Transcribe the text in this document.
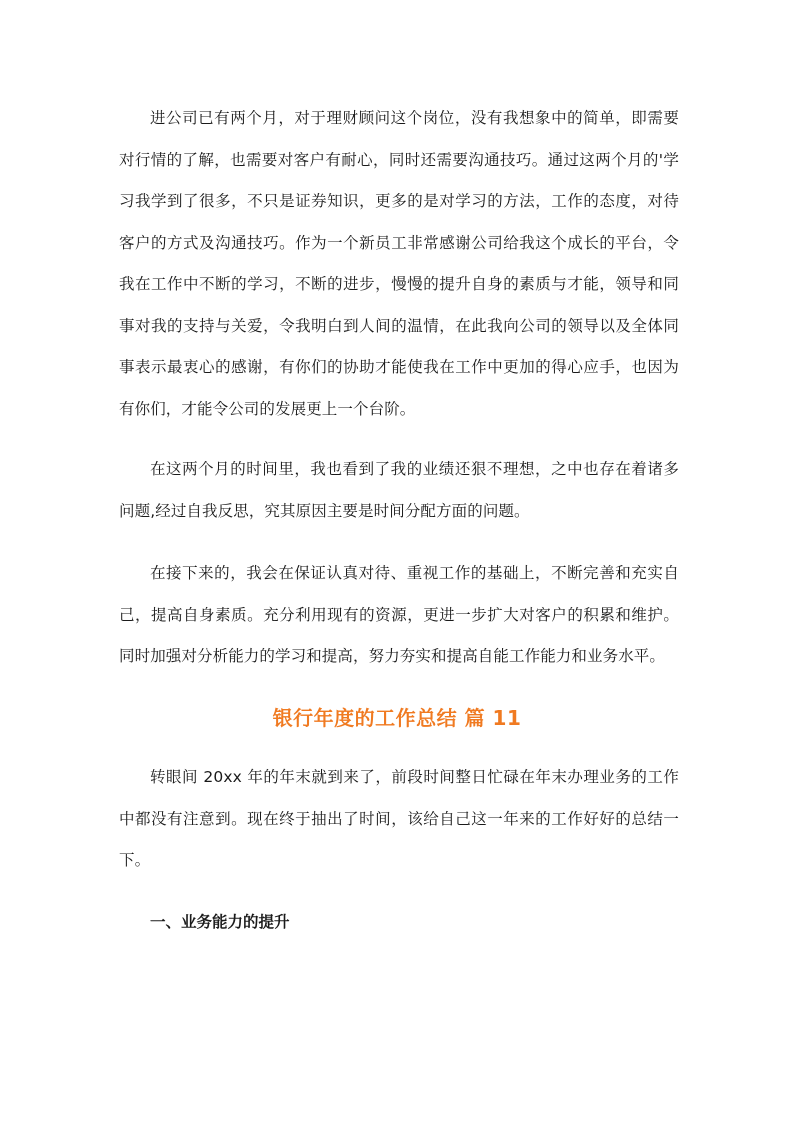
进公司已有两个月，对于理财顾问这个岗位，没有我想象中的简单，即需要对行情的了解，也需要对客户有耐心，同时还需要沟通技巧。通过这两个月的'学习我学到了很多，不只是证券知识，更多的是对学习的方法，工作的态度，对待客户的方式及沟通技巧。作为一个新员工非常感谢公司给我这个成长的平台，令我在工作中不断的学习，不断的进步，慢慢的提升自身的素质与才能，领导和同事对我的支持与关爱，令我明白到人间的温情，在此我向公司的领导以及全体同事表示最衷心的感谢，有你们的协助才能使我在工作中更加的得心应手，也因为有你们，才能令公司的发展更上一个台阶。

在这两个月的时间里，我也看到了我的业绩还狠不理想，之中也存在着诸多问题,经过自我反思，究其原因主要是时间分配方面的问题。

在接下来的，我会在保证认真对待、重视工作的基础上，不断完善和充实自己，提高自身素质。充分利用现有的资源，更进一步扩大对客户的积累和维护。同时加强对分析能力的学习和提高，努力夯实和提高自能工作能力和业务水平。

银行年度的工作总结 篇 11

转眼间 20xx 年的年末就到来了，前段时间整日忙碌在年末办理业务的工作中都没有注意到。现在终于抽出了时间，该给自己这一年来的工作好好的总结一下。

一、业务能力的提升
